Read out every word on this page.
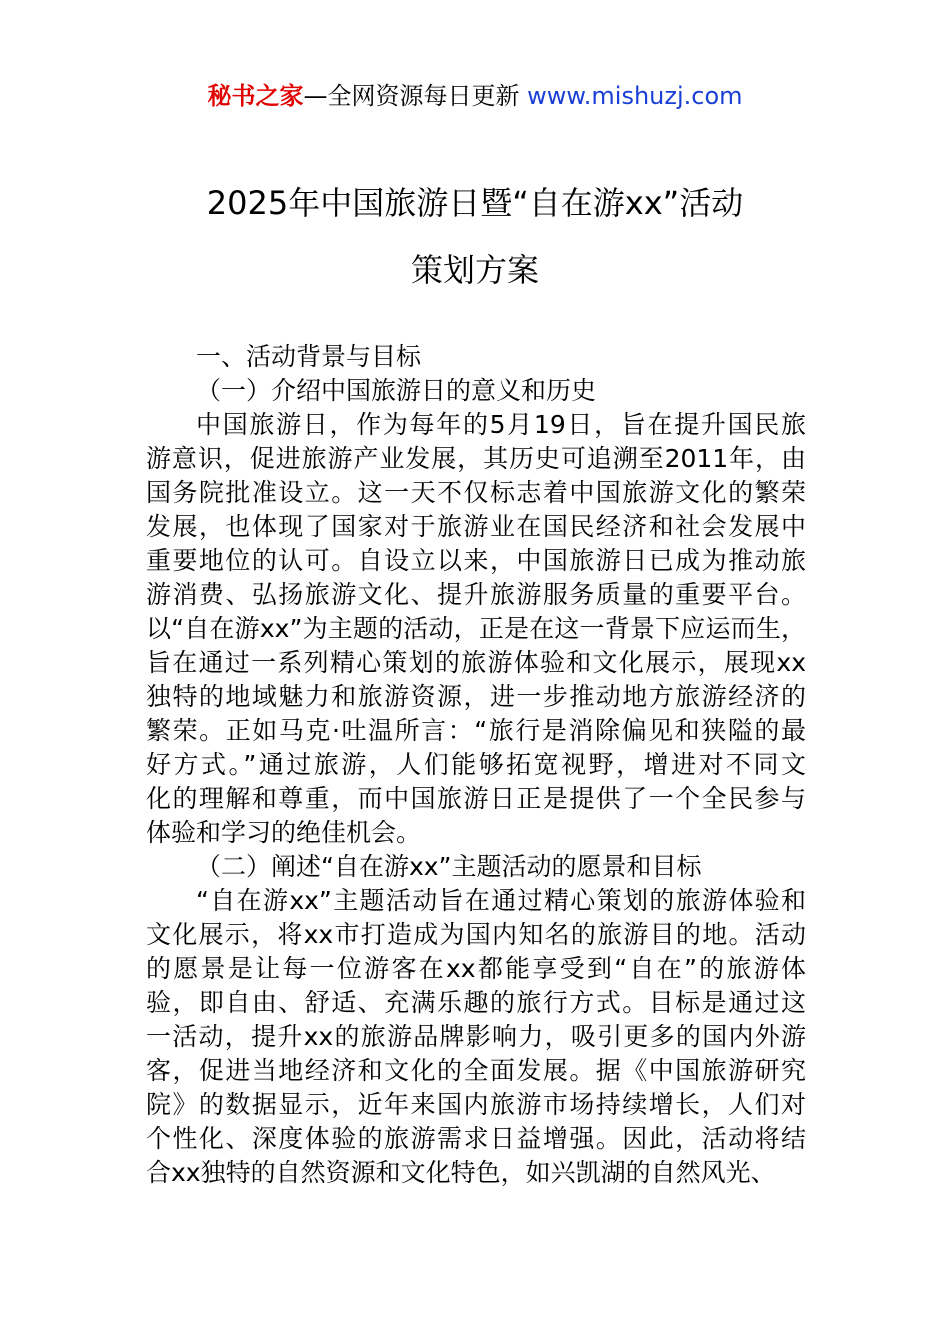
秘书之家—全网资源每日更新 www.mishuzj.com
2025年中国旅游日暨“自在游xx”活动
策划方案
一、活动背景与目标
（一）介绍中国旅游日的意义和历史
中国旅游日，作为每年的5月19日，旨在提升国民旅
游意识，促进旅游产业发展，其历史可追溯至2011年，由
国务院批准设立。这一天不仅标志着中国旅游文化的繁荣
发展，也体现了国家对于旅游业在国民经济和社会发展中
重要地位的认可。自设立以来，中国旅游日已成为推动旅
游消费、弘扬旅游文化、提升旅游服务质量的重要平台。
以“自在游xx”为主题的活动，正是在这一背景下应运而生，
旨在通过一系列精心策划的旅游体验和文化展示，展现xx
独特的地域魅力和旅游资源，进一步推动地方旅游经济的
繁荣。正如马克·吐温所言：“旅行是消除偏见和狭隘的最
好方式。”通过旅游，人们能够拓宽视野，增进对不同文
化的理解和尊重，而中国旅游日正是提供了一个全民参与
体验和学习的绝佳机会。
（二）阐述“自在游xx”主题活动的愿景和目标
“自在游xx”主题活动旨在通过精心策划的旅游体验和
文化展示，将xx市打造成为国内知名的旅游目的地。活动
的愿景是让每一位游客在xx都能享受到“自在”的旅游体
验，即自由、舒适、充满乐趣的旅行方式。目标是通过这
一活动，提升xx的旅游品牌影响力，吸引更多的国内外游
客，促进当地经济和文化的全面发展。据《中国旅游研究
院》的数据显示，近年来国内旅游市场持续增长，人们对
个性化、深度体验的旅游需求日益增强。因此，活动将结
合xx独特的自然资源和文化特色，如兴凯湖的自然风光、
